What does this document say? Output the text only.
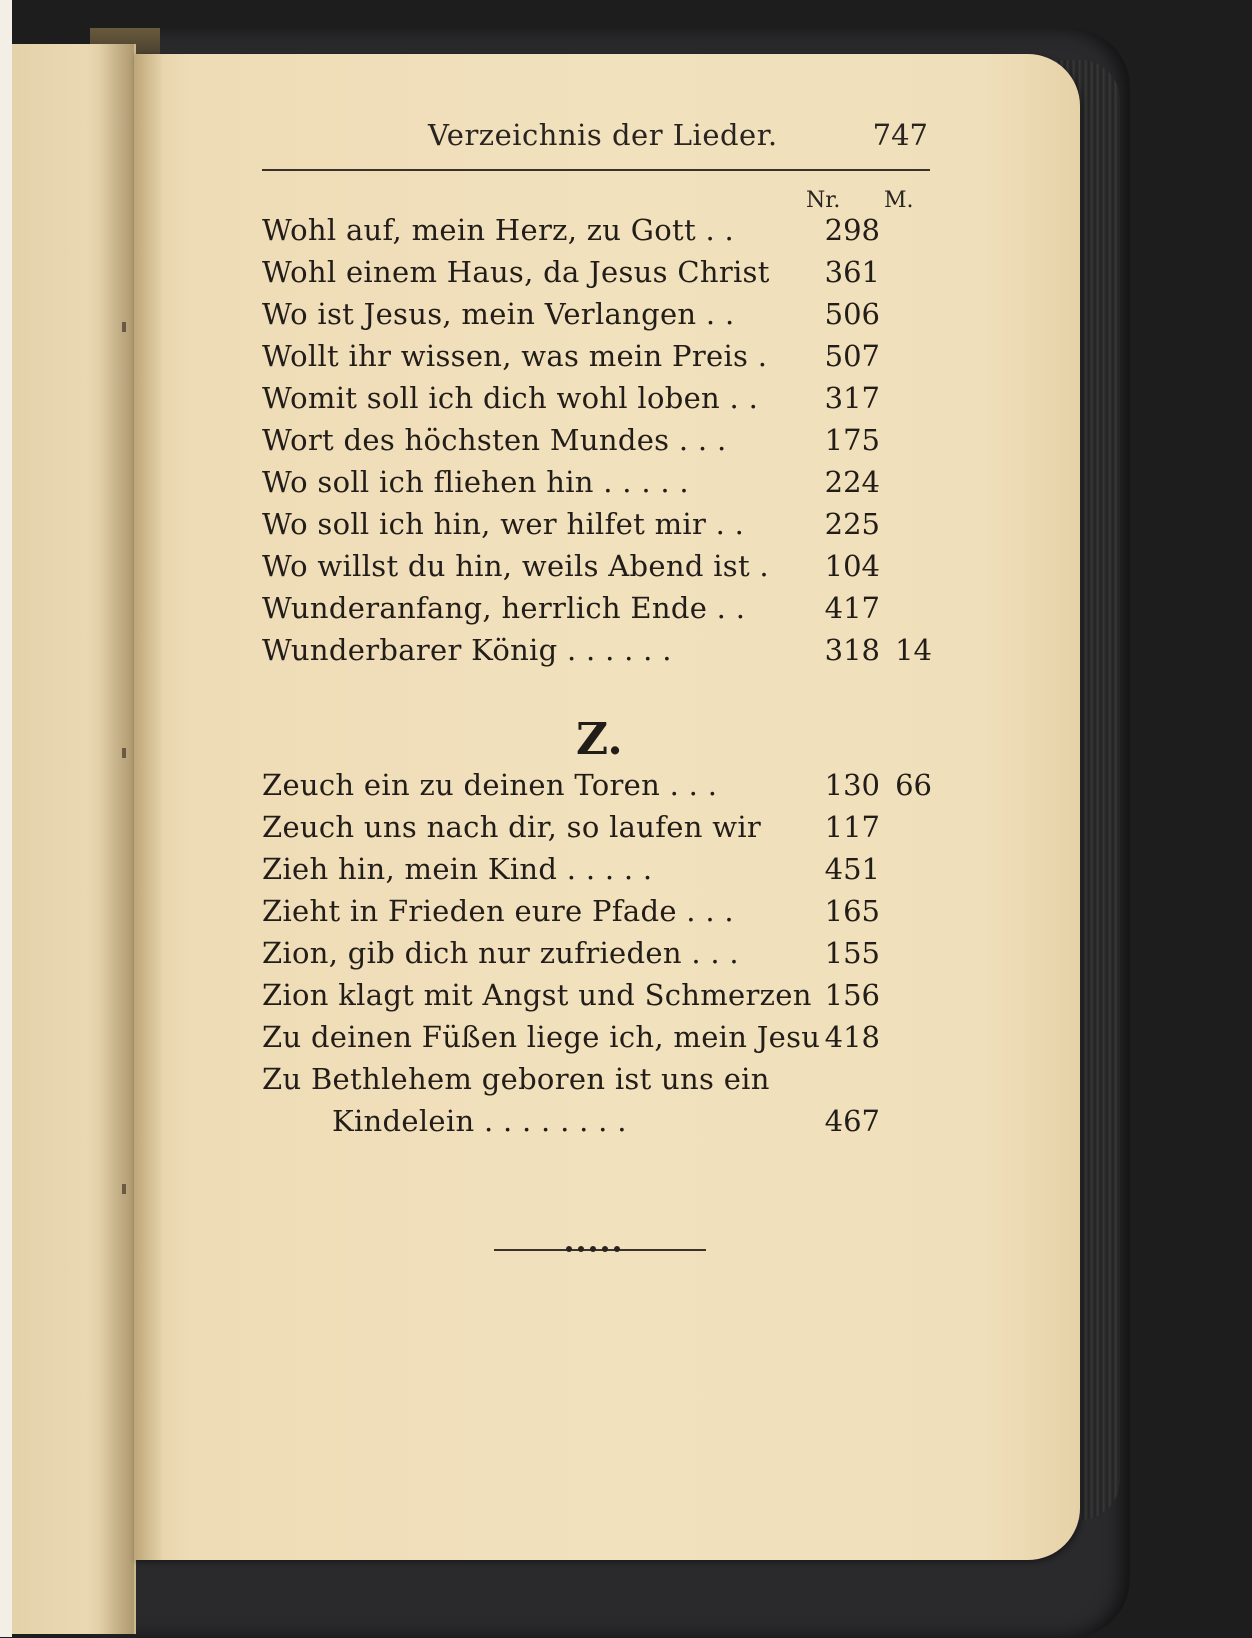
Verzeichnis der Lieder.	747
Nr. M.
Wohl auf, mein Herz, zu Gott . .	298
Wohl einem Haus, da Jesus Christ	361
Wo ist Jesus, mein Verlangen . .	506
Wollt ihr wissen, was mein Preis .	507
Womit soll ich dich wohl loben . .	317
Wort des höchsten Mundes . . .	175
Wo soll ich fliehen hin . . . . .	224
Wo soll ich hin, wer hilfet mir . .	225
Wo willst du hin, weils Abend ist .	104
Wunderanfang, herrlich Ende . .	417
Wunderbarer König . . . . . .	318 14
Zeuch ein zu deinen Toren . . .	130 66
Zeuch uns nach dir, so laufen wir	117
Zieh hin, mein Kind . . . . .	451
Zieht in Frieden eure Pfade . . .	165
Zion, gib dich nur zufrieden . . .	155
Zion klagt mit Angst und Schmerzen 156
Zu deinen Füßen liege ich, mein Jesu 418
Zu Bethlehem geboren ist uns ein
Kindelein . . . . . . . .	467
Z.
